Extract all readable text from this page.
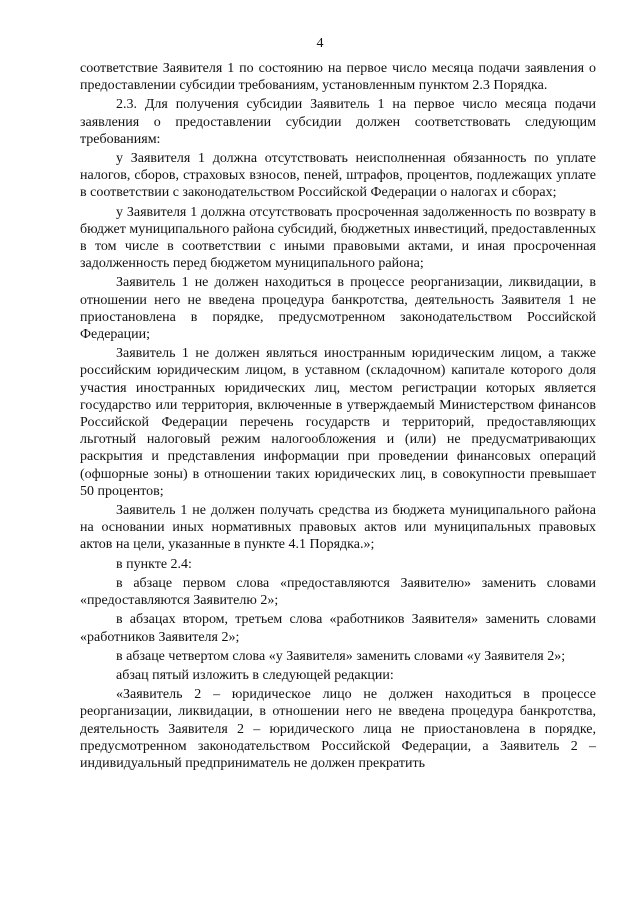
4

соответствие Заявителя 1 по состоянию на первое число месяца подачи заявления о предоставлении субсидии требованиям, установленным пунктом 2.3 Порядка.

2.3. Для получения субсидии Заявитель 1 на первое число месяца подачи заявления о предоставлении субсидии должен соответствовать следующим требованиям:

у Заявителя 1 должна отсутствовать неисполненная обязанность по уплате налогов, сборов, страховых взносов, пеней, штрафов, процентов, подлежащих уплате в соответствии с законодательством Российской Федерации о налогах и сборах;

у Заявителя 1 должна отсутствовать просроченная задолженность по возврату в бюджет муниципального района субсидий, бюджетных инвестиций, предоставленных в том числе в соответствии с иными правовыми актами, и иная просроченная задолженность перед бюджетом муниципального района;

Заявитель 1 не должен находиться в процессе реорганизации, ликвидации, в отношении него не введена процедура банкротства, деятельность Заявителя 1 не приостановлена в порядке, предусмотренном законодательством Российской Федерации;

Заявитель 1 не должен являться иностранным юридическим лицом, а также российским юридическим лицом, в уставном (складочном) капитале которого доля участия иностранных юридических лиц, местом регистрации которых является государство или территория, включенные в утверждаемый Министерством финансов Российской Федерации перечень государств и территорий, предоставляющих льготный налоговый режим налогообложения и (или) не предусматривающих раскрытия и представления информации при проведении финансовых операций (офшорные зоны) в отношении таких юридических лиц, в совокупности превышает 50 процентов;

Заявитель 1 не должен получать средства из бюджета муниципального района на основании иных нормативных правовых актов или муниципальных правовых актов на цели, указанные в пункте 4.1 Порядка.»;

в пункте 2.4:

в абзаце первом слова «предоставляются Заявителю» заменить словами «предоставляются Заявителю 2»;

в абзацах втором, третьем слова «работников Заявителя» заменить словами «работников Заявителя 2»;

в абзаце четвертом слова «у Заявителя» заменить словами «у Заявителя 2»;

абзац пятый изложить в следующей редакции:

«Заявитель 2 – юридическое лицо не должен находиться в процессе реорганизации, ликвидации, в отношении него не введена процедура банкротства, деятельность Заявителя 2 – юридического лица не приостановлена в порядке, предусмотренном законодательством Российской Федерации, а Заявитель 2 – индивидуальный предприниматель не должен прекратить
